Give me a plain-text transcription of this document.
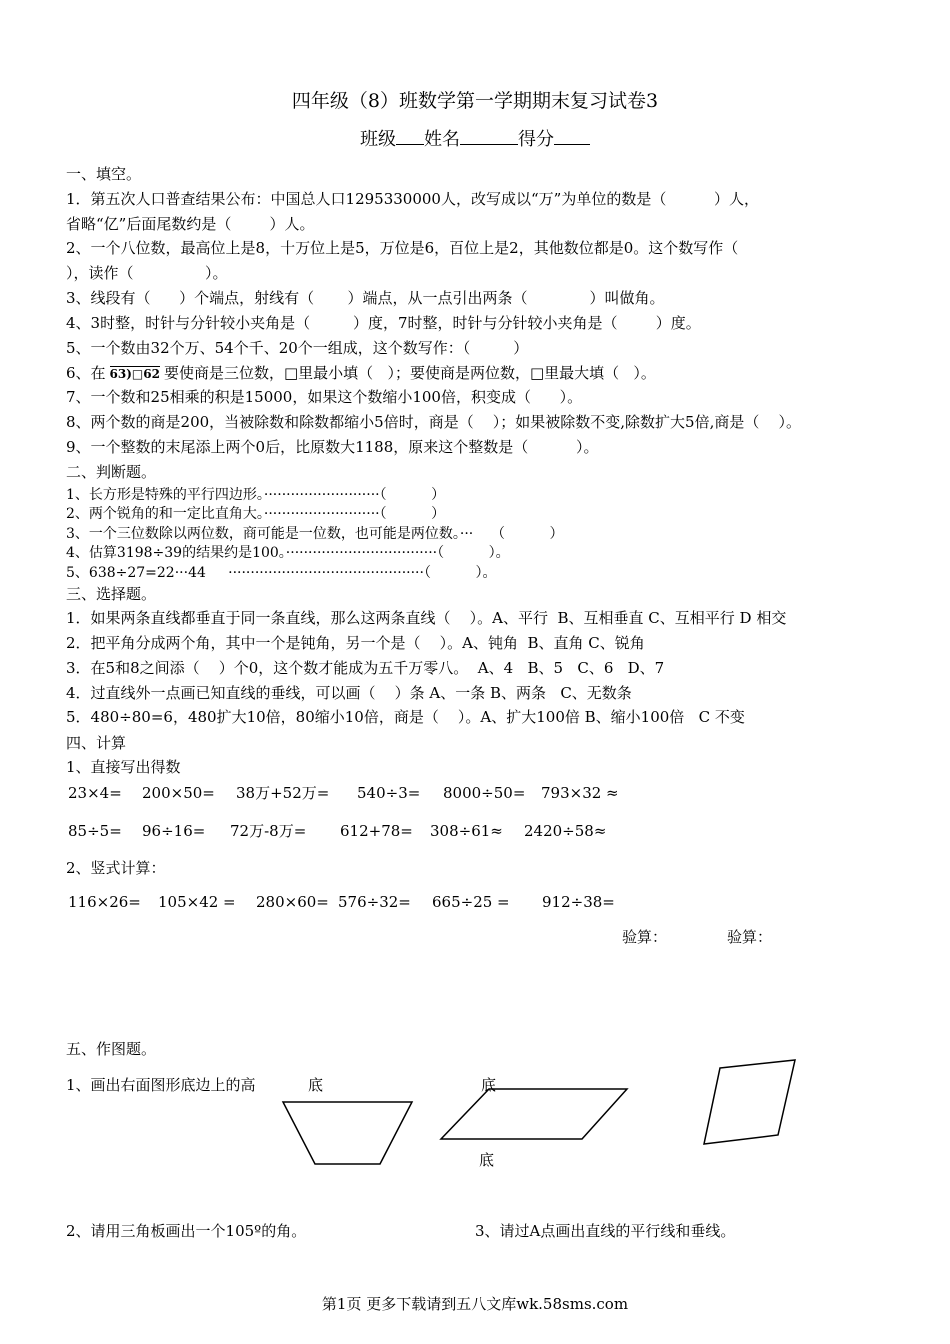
四年级（8）班数学第一学期期末复习试卷3
班级 姓名	得分
一、填空。
1．第五次人口普查结果公布：中国总人口1295330000人，改写成以“万”为单位的数是（          ）人，
省略“亿”后面尾数约是（        ）人。
2、一个八位数，最高位上是8，十万位上是5，万位是6，百位上是2，其他数位都是0。这个数写作（
），读作（               ）。
3、线段有（      ）个端点，射线有（       ）端点，从一点引出两条（             ）叫做角。
4、3时整，时针与分针较小夹角是（         ）度，7时整，时针与分针较小夹角是（        ）度。
5、一个数由32个万、54个千、20个一组成，这个数写作：（         ）
6、在 63)□62 要使商是三位数，□里最小填（   ）；要使商是两位数，□里最大填（   ）。
7、一个数和25相乘的积是15000，如果这个数缩小100倍，积变成（      ）。
8、两个数的商是200，当被除数和除数都缩小5倍时，商是（    ）；如果被除数不变,除数扩大5倍,商是（    ）。
9、一个整数的末尾添上两个0后，比原数大1188，原来这个整数是（          ）。
二、判断题。
1、长方形是特殊的平行四边形。··························（          ）
2、两个锐角的和一定比直角大。··························（          ）
3、一个三位数除以两位数，商可能是一位数，也可能是两位数。···    （          ）
4、估算3198÷39的结果约是100。··································（          ）。
5、638÷27=22···44     ············································（          ）。
三、选择题。
1．如果两条直线都垂直于同一条直线，那么这两条直线（    ）。A、平行  B、互相垂直 C、互相平行 D 相交
2．把平角分成两个角，其中一个是钝角，另一个是（    ）。A、钝角  B、直角 C、锐角
3．在5和8之间添（    ）个0，这个数才能成为五千万零八。  A、4   B、5   C、6   D、7
4．过直线外一点画已知直线的垂线，可以画（    ）条 A、一条 B、两条   C、无数条
5．480÷80=6，480扩大10倍，80缩小10倍，商是（    ）。A、扩大100倍 B、缩小100倍   C 不变
四、计算
1、直接写出得数
23×4= 200×50= 38万+52万= 540÷3= 8000÷50= 793×32 ≈
85÷5= 96÷16= 72万-8万= 612+78= 308÷61≈ 2420÷58≈
2、竖式计算：
116×26= 105×42 = 280×60= 576÷32= 665÷25 = 912÷38=
验算：	验算：
五、作图题。
1、画出右面图形底边上的高	底	底
底
2、请用三角板画出一个105º的角。	3、请过A点画出直线的平行线和垂线。
第1页 更多下载请到五八文库wk.58sms.com
